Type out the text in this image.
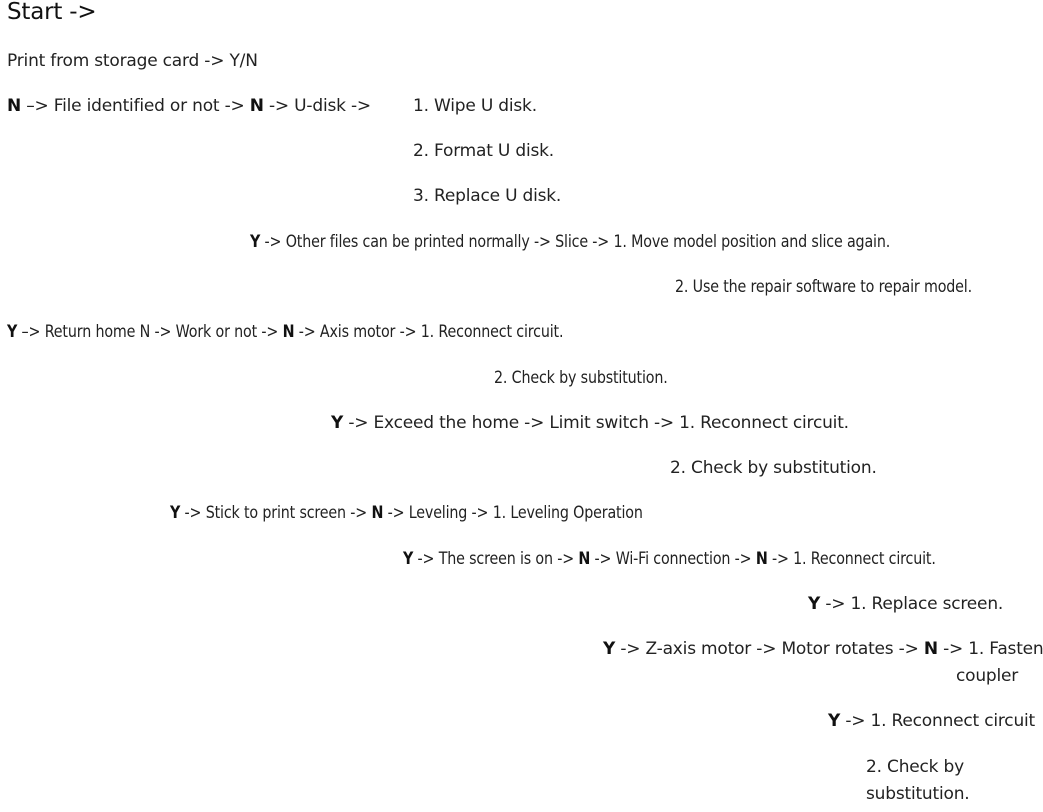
Start ->
Print from storage card -> Y/N
N –> File identified or not -> N -> U-disk -> 1. Wipe U disk.
2. Format U disk.
3. Replace U disk.
Y -> Other files can be printed normally -> Slice -> 1. Move model position and slice again.
2. Use the repair software to repair model.
Y –> Return home N -> Work or not -> N -> Axis motor -> 1. Reconnect circuit.
2. Check by substitution.
Y -> Exceed the home -> Limit switch -> 1. Reconnect circuit.
2. Check by substitution.
Y -> Stick to print screen -> N -> Leveling -> 1. Leveling Operation
Y -> The screen is on -> N -> Wi-Fi connection -> N -> 1. Reconnect circuit.
Y -> 1. Replace screen.
Y -> Z-axis motor -> Motor rotates -> N -> 1. Fasten
coupler
Y -> 1. Reconnect circuit
2. Check by
substitution.
